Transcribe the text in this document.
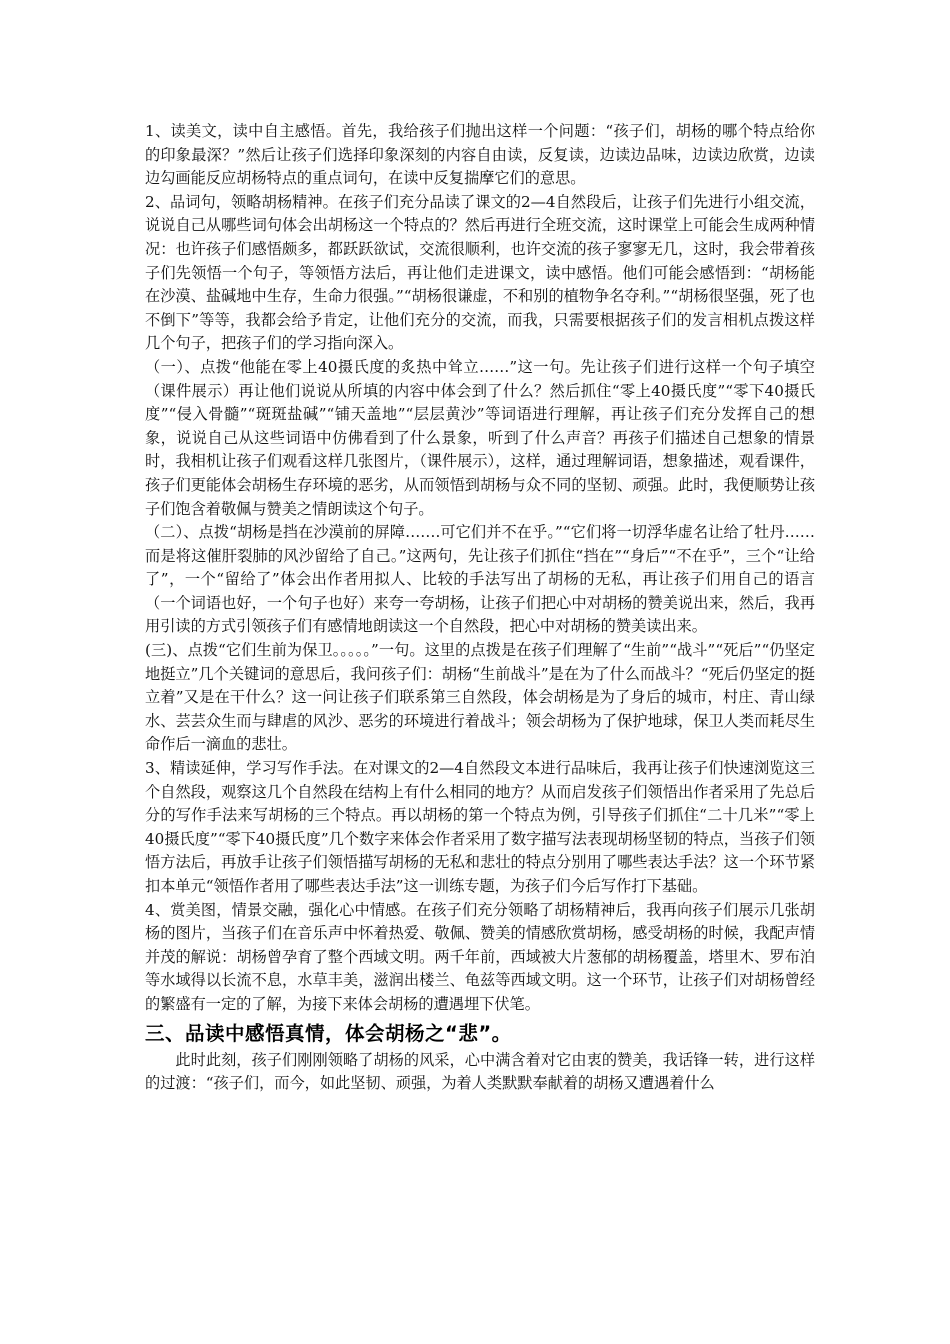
1、读美文，读中自主感悟。首先，我给孩子们抛出这样一个问题：“孩子们，胡杨的哪个特点给你的印象最深？”然后让孩子们选择印象深刻的内容自由读，反复读，边读边品味，边读边欣赏，边读边勾画能反应胡杨特点的重点词句，在读中反复揣摩它们的意思。

2、品词句，领略胡杨精神。在孩子们充分品读了课文的2—4自然段后，让孩子们先进行小组交流，说说自己从哪些词句体会出胡杨这一个特点的？然后再进行全班交流，这时课堂上可能会生成两种情况：也许孩子们感悟颇多，都跃跃欲试，交流很顺利，也许交流的孩子寥寥无几，这时，我会带着孩子们先领悟一个句子，等领悟方法后，再让他们走进课文，读中感悟。他们可能会感悟到：“胡杨能在沙漠、盐碱地中生存，生命力很强。”“胡杨很谦虚，不和别的植物争名夺利。”“胡杨很坚强，死了也不倒下”等等，我都会给予肯定，让他们充分的交流，而我，只需要根据孩子们的发言相机点拨这样几个句子，把孩子们的学习指向深入。

（一）、点拨“他能在零上40摄氏度的炙热中耸立……”这一句。先让孩子们进行这样一个句子填空（课件展示）再让他们说说从所填的内容中体会到了什么？然后抓住“零上40摄氏度”“零下40摄氏度”“侵入骨髓”“斑斑盐碱”“铺天盖地”“层层黄沙”等词语进行理解，再让孩子们充分发挥自己的想象，说说自己从这些词语中仿佛看到了什么景象，听到了什么声音？再孩子们描述自己想象的情景时，我相机让孩子们观看这样几张图片，（课件展示），这样，通过理解词语，想象描述，观看课件，孩子们更能体会胡杨生存环境的恶劣，从而领悟到胡杨与众不同的坚韧、顽强。此时，我便顺势让孩子们饱含着敬佩与赞美之情朗读这个句子。

（二）、点拨“胡杨是挡在沙漠前的屏障…….可它们并不在乎。”“它们将一切浮华虚名让给了牡丹……而是将这催肝裂肺的风沙留给了自己。”这两句，先让孩子们抓住“挡在”“身后”“不在乎”，三个“让给了”，一个“留给了”体会出作者用拟人、比较的手法写出了胡杨的无私，再让孩子们用自己的语言（一个词语也好，一个句子也好）来夸一夸胡杨，让孩子们把心中对胡杨的赞美说出来，然后，我再用引读的方式引领孩子们有感情地朗读这一个自然段，把心中对胡杨的赞美读出来。

(三)、点拨“它们生前为保卫。。。。。”一句。这里的点拨是在孩子们理解了“生前”“战斗”“死后”“仍坚定地挺立”几个关键词的意思后，我问孩子们：胡杨“生前战斗”是在为了什么而战斗？“死后仍坚定的挺立着”又是在干什么？这一问让孩子们联系第三自然段，体会胡杨是为了身后的城市，村庄、青山绿水、芸芸众生而与肆虐的风沙、恶劣的环境进行着战斗；领会胡杨为了保护地球，保卫人类而耗尽生命作后一滴血的悲壮。

3、精读延伸，学习写作手法。在对课文的2—4自然段文本进行品味后，我再让孩子们快速浏览这三个自然段，观察这几个自然段在结构上有什么相同的地方？从而启发孩子们领悟出作者采用了先总后分的写作手法来写胡杨的三个特点。再以胡杨的第一个特点为例，引导孩子们抓住“二十几米”“零上40摄氏度”“零下40摄氏度”几个数字来体会作者采用了数字描写法表现胡杨坚韧的特点，当孩子们领悟方法后，再放手让孩子们领悟描写胡杨的无私和悲壮的特点分别用了哪些表达手法？这一个环节紧扣本单元“领悟作者用了哪些表达手法”这一训练专题，为孩子们今后写作打下基础。

4、赏美图，情景交融，强化心中情感。在孩子们充分领略了胡杨精神后，我再向孩子们展示几张胡杨的图片，当孩子们在音乐声中怀着热爱、敬佩、赞美的情感欣赏胡杨，感受胡杨的时候，我配声情并茂的解说：胡杨曾孕育了整个西域文明。两千年前，西域被大片葱郁的胡杨覆盖，塔里木、罗布泊等水域得以长流不息，水草丰美，滋润出楼兰、龟兹等西域文明。这一个环节，让孩子们对胡杨曾经的繁盛有一定的了解，为接下来体会胡杨的遭遇埋下伏笔。

三、品读中感悟真情，体会胡杨之“悲”。

此时此刻，孩子们刚刚领略了胡杨的风采，心中满含着对它由衷的赞美，我话锋一转，进行这样的过渡：“孩子们，而今，如此坚韧、顽强，为着人类默默奉献着的胡杨又遭遇着什么
